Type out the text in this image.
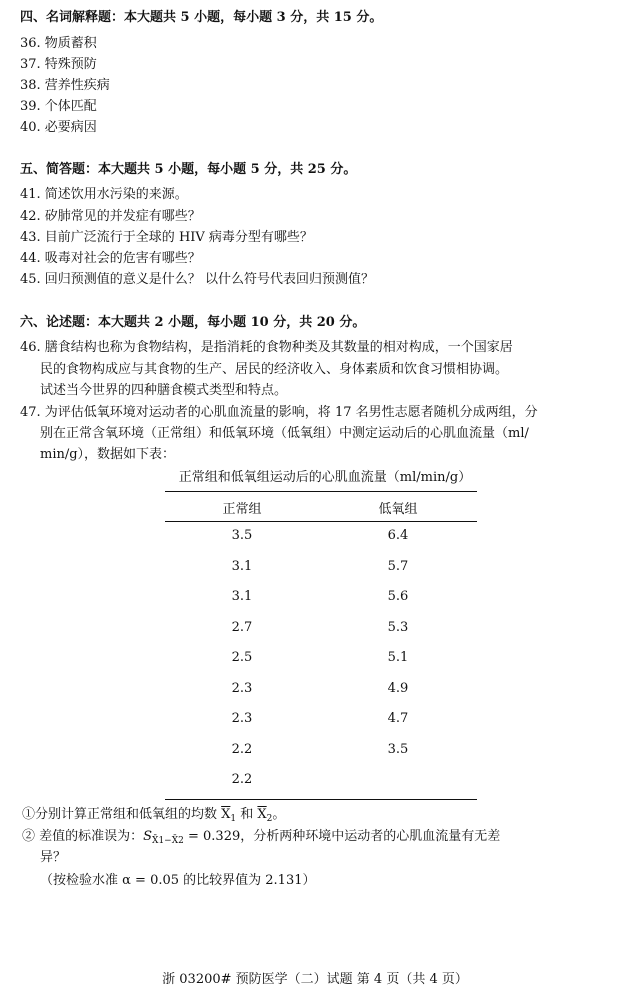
四、名词解释题：本大题共 5 小题，每小题 3 分，共 15 分。
36. 物质蓄积
37. 特殊预防
38. 营养性疾病
39. 个体匹配
40. 必要病因
五、简答题：本大题共 5 小题，每小题 5 分，共 25 分。
41. 简述饮用水污染的来源。
42. 矽肺常见的并发症有哪些？
43. 目前广泛流行于全球的 HIV 病毒分型有哪些？
44. 吸毒对社会的危害有哪些？
45. 回归预测值的意义是什么？ 以什么符号代表回归预测值？
六、论述题：本大题共 2 小题，每小题 10 分，共 20 分。
46. 膳食结构也称为食物结构，是指消耗的食物种类及其数量的相对构成，一个国家居
民的食物构成应与其食物的生产、居民的经济收入、身体素质和饮食习惯相协调。
试述当今世界的四种膳食模式类型和特点。
47. 为评估低氧环境对运动者的心肌血流量的影响，将 17 名男性志愿者随机分成两组，分
别在正常含氧环境（正常组）和低氧环境（低氧组）中测定运动后的心肌血流量（ml/
min/g），数据如下表：
正常组和低氧组运动后的心肌血流量（ml/min/g）
正常组	低氧组
3.5	6.4
3.1	5.7
3.1	5.6
2.7	5.3
2.5	5.1
2.3	4.9
2.3	4.7
2.2	3.5
2.2
①分别计算正常组和低氧组的均数 $\overline{X}_1$ 和 $\overline{X}_2$。
② 差值的标准误为：$S_{X̄1-X̄2} = 0.329$，分析两种环境中运动者的心肌血流量有无差
异？
（按检验水准 α = 0.05 的比较界值为 2.131）
浙 03200# 预防医学（二）试题 第 4 页（共 4 页）
